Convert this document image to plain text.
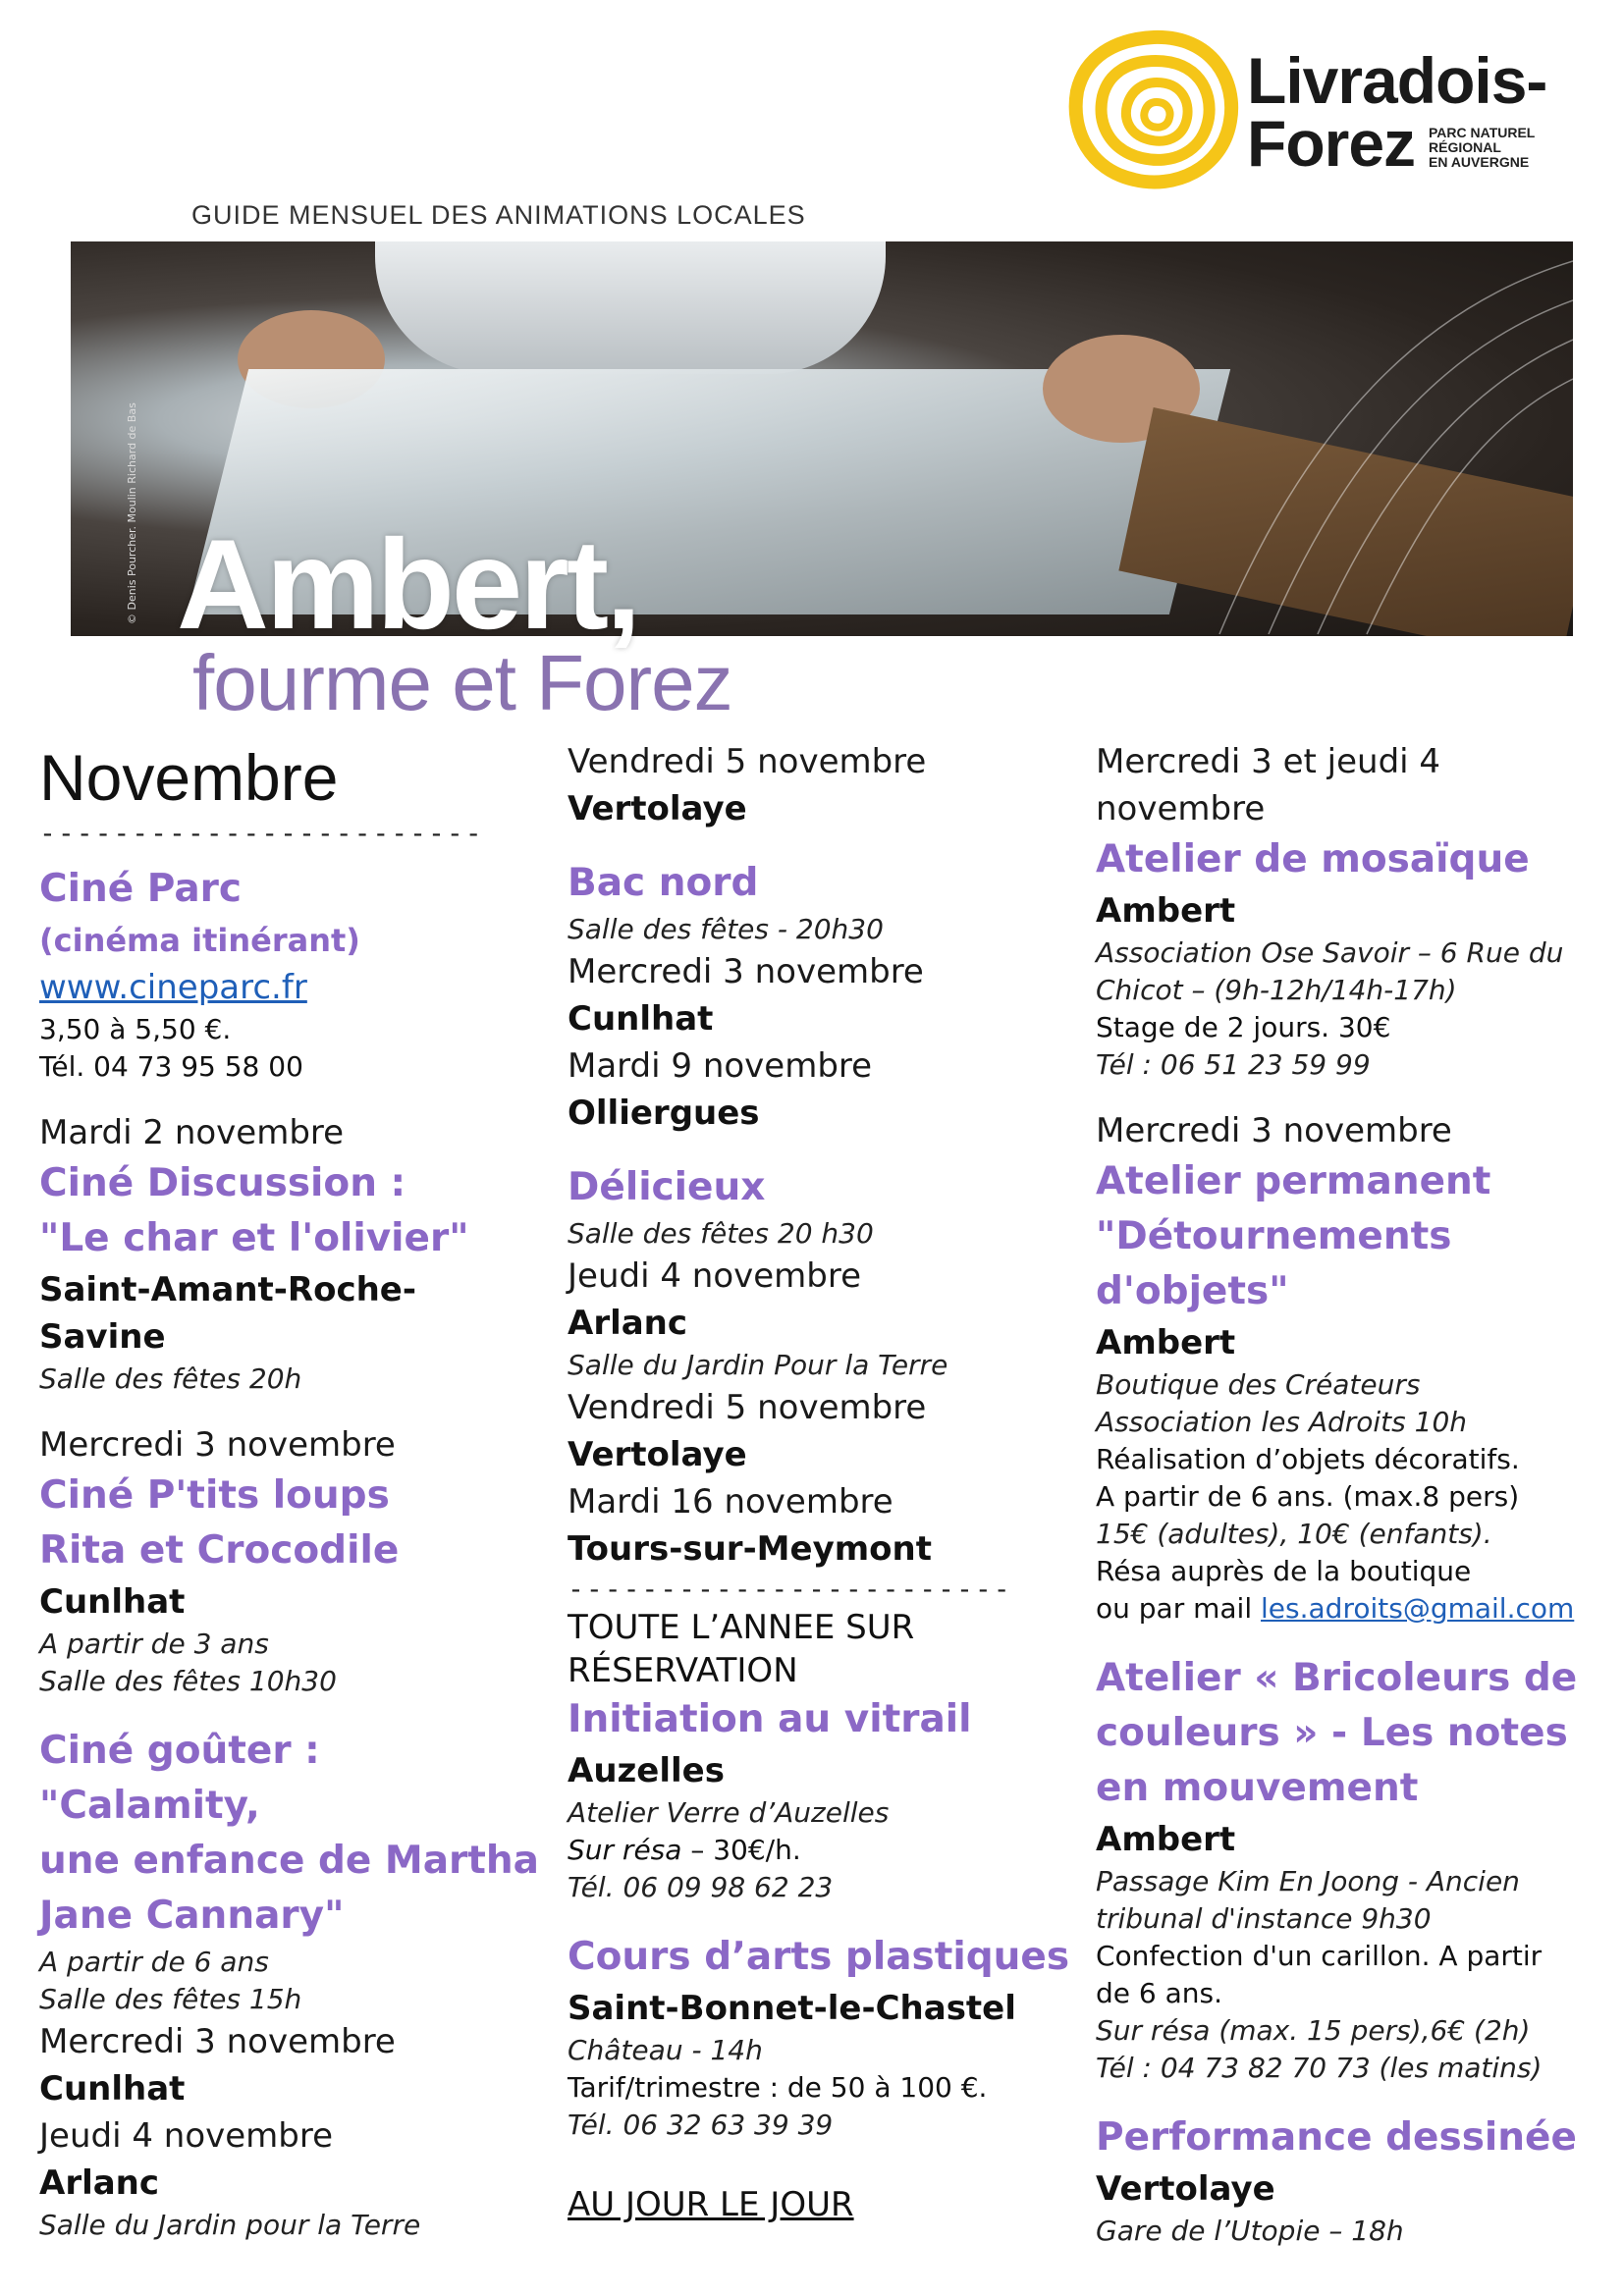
Livradois-
Forez PARC NATUREL
RÉGIONAL
EN AUVERGNE
GUIDE MENSUEL DES ANIMATIONS LOCALES
© Denis Pourcher. Moulin Richard de Bas Ambert,
fourme et Forez
Novembre
------------------------
Ciné Parc
(cinéma itinérant)
www.cineparc.fr
3,50 à 5,50 €.
Tél. 04 73 95 58 00
Mardi 2 novembre
Ciné Discussion :
"Le char et l'olivier"
Saint-Amant-Roche-
Savine
Salle des fêtes 20h
Mercredi 3 novembre
Ciné P'tits loups
Rita et Crocodile
Cunlhat
A partir de 3 ans
Salle des fêtes 10h30
Ciné goûter : "Calamity,
une enfance de Martha
Jane Cannary"
A partir de 6 ans
Salle des fêtes 15h
Mercredi 3 novembre
Cunlhat
Jeudi 4 novembre
Arlanc
Salle du Jardin pour la Terre
Vendredi 5 novembre
Vertolaye
Bac nord
Salle des fêtes - 20h30
Mercredi 3 novembre
Cunlhat
Mardi 9 novembre
Olliergues
Délicieux
Salle des fêtes 20 h30
Jeudi 4 novembre
Arlanc
Salle du Jardin Pour la Terre
Vendredi 5 novembre
Vertolaye
Mardi 16 novembre
Tours-sur-Meymont
------------------------
TOUTE L’ANNEE SUR
RÉSERVATION
Initiation au vitrail
Auzelles
Atelier Verre d’Auzelles
Sur résa – 30€/h.
Tél. 06 09 98 62 23
Cours d’arts plastiques
Saint-Bonnet-le-Chastel
Château - 14h
Tarif/trimestre : de 50 à 100 €.
Tél. 06 32 63 39 39
AU JOUR LE JOUR
Mercredi 3 et jeudi 4
novembre
Atelier de mosaïque
Ambert
Association Ose Savoir – 6 Rue du
Chicot – (9h-12h/14h-17h)
Stage de 2 jours. 30€
Tél : 06 51 23 59 99
Mercredi 3 novembre
Atelier permanent
"Détournements
d'objets"
Ambert
Boutique des Créateurs
Association les Adroits 10h
Réalisation d’objets décoratifs.
A partir de 6 ans. (max.8 pers)
15€ (adultes), 10€ (enfants).
Résa auprès de la boutique
ou par mail les.adroits@gmail.com
Atelier « Bricoleurs de
couleurs » - Les notes
en mouvement
Ambert
Passage Kim En Joong - Ancien
tribunal d'instance 9h30
Confection d'un carillon. A partir
de 6 ans.
Sur résa (max. 15 pers),6€ (2h)
Tél : 04 73 82 70 73 (les matins)
Performance dessinée
Vertolaye
Gare de l’Utopie – 18h
